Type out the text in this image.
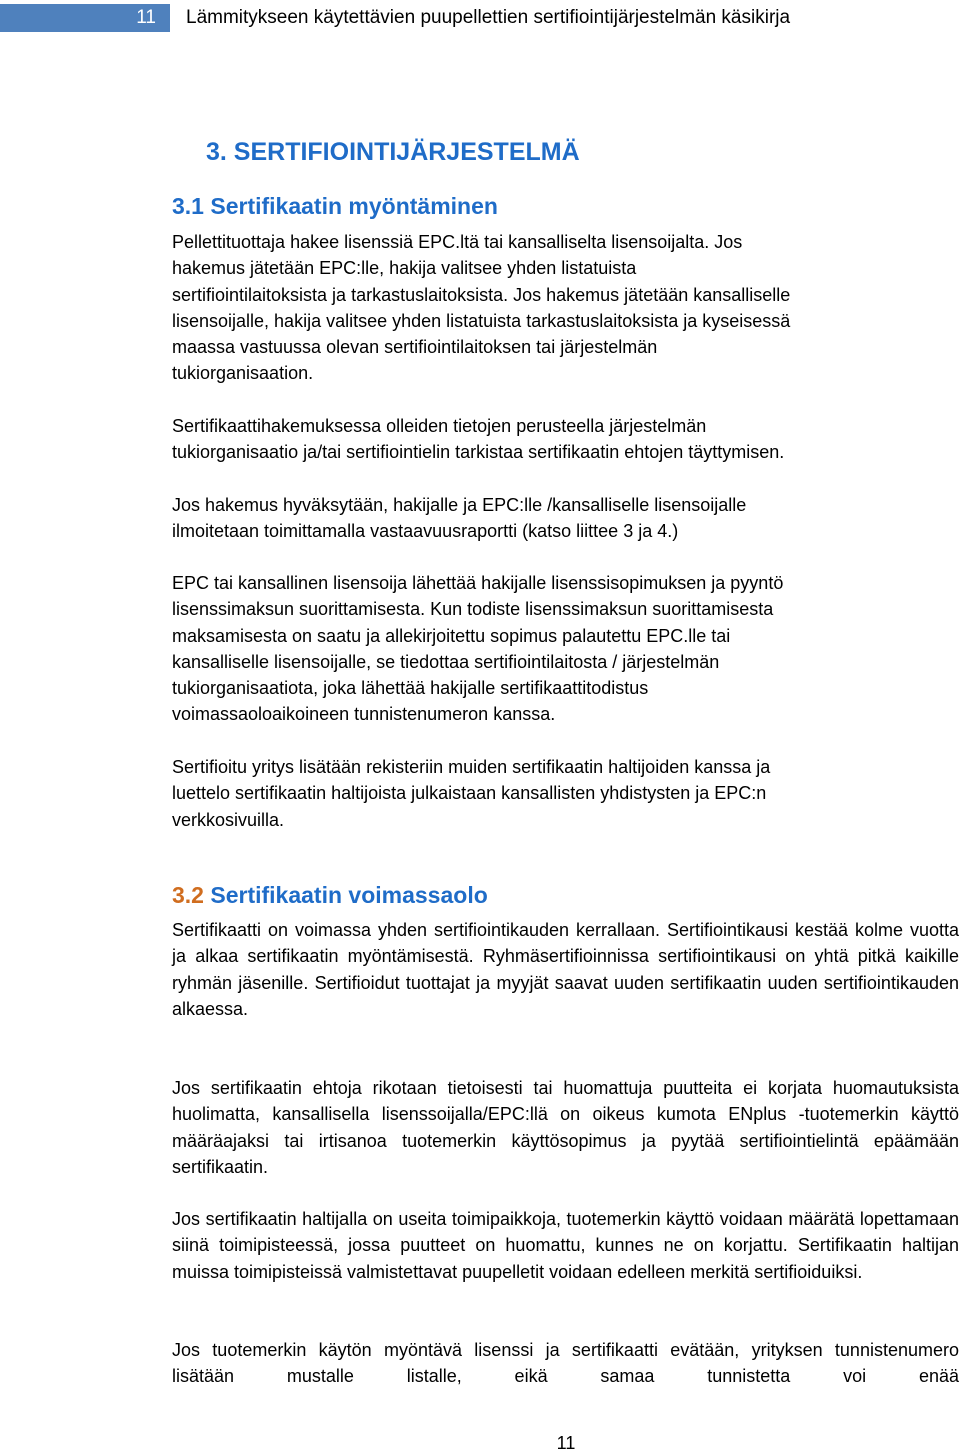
11	Lämmitykseen käytettävien puupellettien sertifiointijärjestelmän käsikirja
3. SERTIFIOINTIJÄRJESTELMÄ
3.1 Sertifikaatin myöntäminen

Pellettituottaja hakee lisenssiä EPC.ltä tai kansalliselta lisensoijalta. Jos

hakemus jätetään EPC:lle, hakija valitsee yhden listatuista

sertifiointilaitoksista ja tarkastuslaitoksista. Jos hakemus jätetään kansalliselle

lisensoijalle, hakija valitsee yhden listatuista tarkastuslaitoksista ja kyseisessä

maassa vastuussa olevan sertifiointilaitoksen tai järjestelmän

tukiorganisaation.

Sertifikaattihakemuksessa olleiden tietojen perusteella järjestelmän

tukiorganisaatio ja/tai sertifiointielin tarkistaa sertifikaatin ehtojen täyttymisen.

Jos hakemus hyväksytään, hakijalle ja EPC:lle /kansalliselle lisensoijalle

ilmoitetaan toimittamalla vastaavuusraportti (katso liittee 3 ja 4.)

EPC tai kansallinen lisensoija lähettää hakijalle lisenssisopimuksen ja pyyntö

lisenssimaksun suorittamisesta. Kun todiste lisenssimaksun suorittamisesta

maksamisesta on saatu ja allekirjoitettu sopimus palautettu EPC.lle tai

kansalliselle lisensoijalle, se tiedottaa sertifiointilaitosta / järjestelmän

tukiorganisaatiota, joka lähettää hakijalle sertifikaattitodistus

voimassaoloaikoineen tunnistenumeron kanssa.

Sertifioitu yritys lisätään rekisteriin muiden sertifikaatin haltijoiden kanssa ja

luettelo sertifikaatin haltijoista julkaistaan kansallisten yhdistysten ja EPC:n

verkkosivuilla.

3.2 Sertifikaatin voimassaolo

Sertifikaatti on voimassa yhden sertifiointikauden kerrallaan. Sertifiointikausi kestää kolme vuotta ja alkaa sertifikaatin myöntämisestä. Ryhmäsertifioinnissa sertifiointikausi on yhtä pitkä kaikille ryhmän jäsenille. Sertifioidut tuottajat ja myyjät saavat uuden sertifikaatin uuden sertifiointikauden alkaessa.

Jos sertifikaatin ehtoja rikotaan tietoisesti tai huomattuja puutteita ei korjata huomautuksista huolimatta, kansallisella lisenssoijalla/EPC:llä on oikeus kumota ENplus -tuotemerkin käyttö määräajaksi tai irtisanoa tuotemerkin käyttösopimus ja pyytää sertifiointielintä epäämään sertifikaatin.

Jos sertifikaatin haltijalla on useita toimipaikkoja, tuotemerkin käyttö voidaan määrätä lopettamaan siinä toimipisteessä, jossa puutteet on huomattu, kunnes ne on korjattu. Sertifikaatin haltijan muissa toimipisteissä valmistettavat puupelletit voidaan edelleen merkitä sertifioiduiksi.

Jos tuotemerkin käytön myöntävä lisenssi ja sertifikaatti evätään, yrityksen tunnistenumero lisätään mustalle listalle, eikä samaa tunnistetta voi enää

11
